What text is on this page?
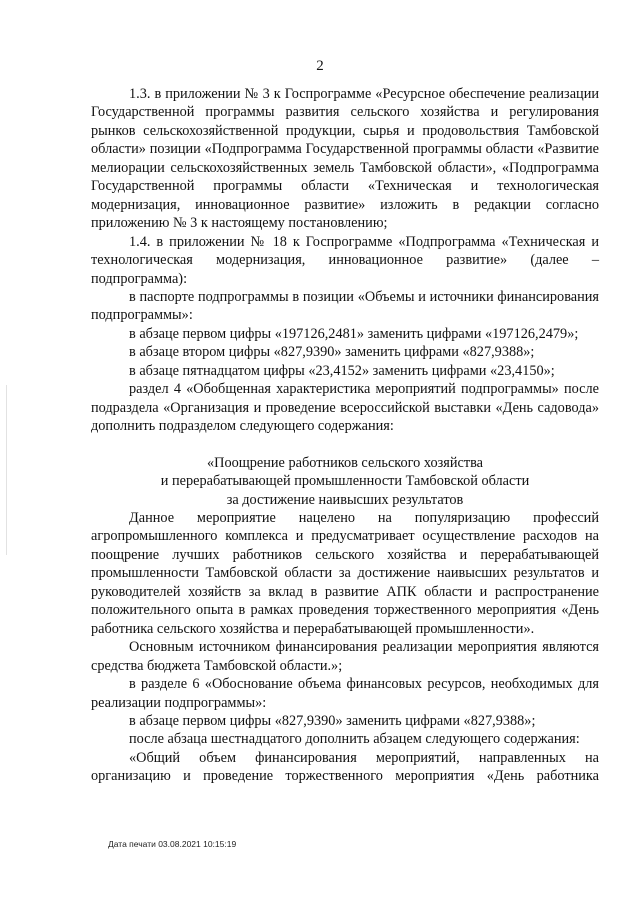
2

1.3. в приложении № 3 к Госпрограмме «Ресурсное обеспечение реализации Государственной программы развития сельского хозяйства и регулирования рынков сельскохозяйственной продукции, сырья и продовольствия Тамбовской области» позиции «Подпрограмма Государственной программы области «Развитие мелиорации сельскохозяйственных земель Тамбовской области», «Подпрограмма Государственной программы области «Техническая и технологическая модернизация, инновационное развитие» изложить в редакции согласно приложению № 3 к настоящему постановлению;

1.4. в приложении № 18 к Госпрограмме «Подпрограмма «Техническая и технологическая модернизация, инновационное развитие» (далее – подпрограмма):

в паспорте подпрограммы в позиции «Объемы и источники финансирования подпрограммы»:

в абзаце первом цифры «197126,2481» заменить цифрами «197126,2479»;

в абзаце втором цифры «827,9390» заменить цифрами «827,9388»;

в абзаце пятнадцатом цифры «23,4152» заменить цифрами «23,4150»;

раздел 4 «Обобщенная характеристика мероприятий подпрограммы» после подраздела «Организация и проведение всероссийской выставки «День садовода» дополнить подразделом следующего содержания:

«Поощрение работников сельского хозяйства

и перерабатывающей промышленности Тамбовской области

за достижение наивысших результатов

Данное мероприятие нацелено на популяризацию профессий агропромышленного комплекса и предусматривает осуществление расходов на поощрение лучших работников сельского хозяйства и перерабатывающей промышленности Тамбовской области за достижение наивысших результатов и руководителей хозяйств за вклад в развитие АПК области и распространение положительного опыта в рамках проведения торжественного мероприятия «День работника сельского хозяйства и перерабатывающей промышленности».

Основным источником финансирования реализации мероприятия являются средства бюджета Тамбовской области.»;

в разделе 6 «Обоснование объема финансовых ресурсов, необходимых для реализации подпрограммы»:

в абзаце первом цифры «827,9390» заменить цифрами «827,9388»;

после абзаца шестнадцатого дополнить абзацем следующего содержания:

«Общий объем финансирования мероприятий, направленных на организацию и проведение торжественного мероприятия «День работника

Дата печати 03.08.2021 10:15:19
